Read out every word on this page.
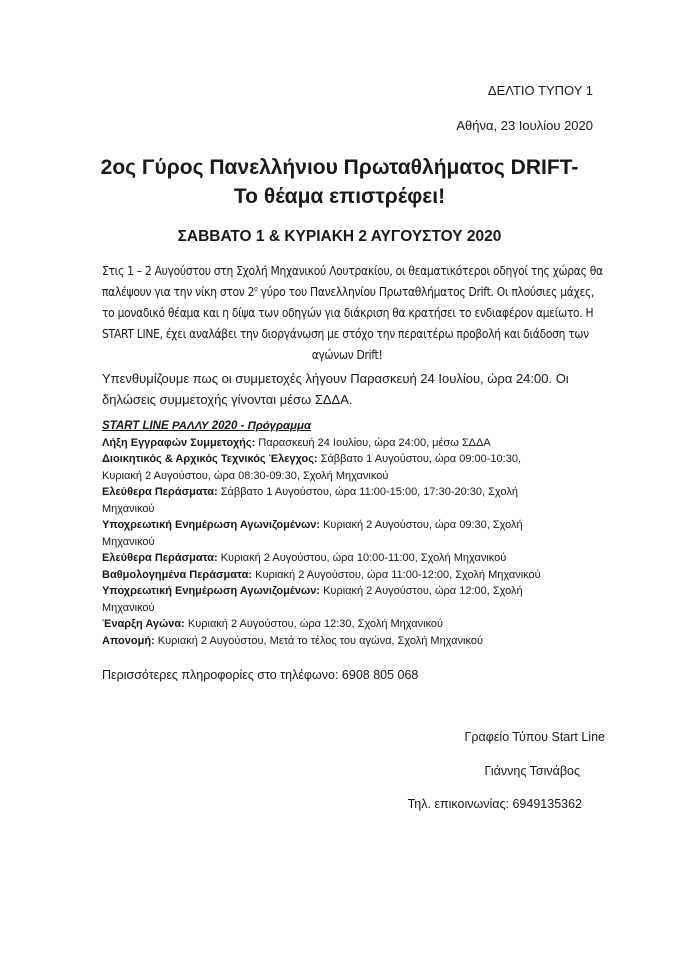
ΔΕΛΤΙΟ ΤΥΠΟΥ 1
Αθήνα, 23 Ιουλίου 2020
2ος Γύρος Πανελλήνιου Πρωταθλήματος DRIFT-
Το θέαμα επιστρέφει!
ΣΑΒΒΑΤΟ 1 & ΚΥΡΙΑΚΗ 2 ΑΥΓΟΥΣΤΟΥ 2020
Στις 1 – 2 Αυγούστου στη Σχολή Μηχανικού Λουτρακίου, οι θεαματικότεροι οδηγοί της χώρας θα
παλέψουν για την νίκη στον $2^o$ γύρο του Πανελληνίου Πρωταθλήματος Drift. Οι πλούσιες μάχες,
το μοναδικό θέαμα και η δίψα των οδηγών για διάκριση θα κρατήσει το ενδιαφέρον αμείωτο. Η
START LINE, έχει αναλάβει την διοργάνωση με στόχο την περαιτέρω προβολή και διάδοση των
αγώνων Drift!
Υπενθυμίζουμε πως οι συμμετοχές λήγουν Παρασκευή 24 Ιουλίου, ώρα 24:00. Οι
δηλώσεις συμμετοχής γίνονται μέσω ΣΔΔΑ.
START LINE ΡΑΛΛΥ 2020 - Πρόγραμμα
Λήξη Εγγραφών Συμμετοχής: Παρασκευή 24 Ιουλίου, ώρα 24:00, μέσω ΣΔΔΑ
Διοικητικός & Αρχικός Τεχνικός Έλεγχος: Σάββατο 1 Αυγούστου, ώρα 09:00-10:30,
Κυριακή 2 Αυγούστου, ώρα 08:30-09:30, Σχολή Μηχανικού
Ελεύθερα Περάσματα: Σάββατο 1 Αυγούστου, ώρα 11:00-15:00, 17:30-20:30, Σχολή
Μηχανικού
Υποχρεωτική Ενημέρωση Αγωνιζομένων: Κυριακή 2 Αυγούστου, ώρα 09:30, Σχολή
Μηχανικού
Ελεύθερα Περάσματα: Κυριακή 2 Αυγούστου, ώρα 10:00-11:00, Σχολή Μηχανικού
Βαθμολογημένα Περάσματα: Κυριακή 2 Αυγούστου, ώρα 11:00-12:00, Σχολή Μηχανικού
Υποχρεωτική Ενημέρωση Αγωνιζομένων: Κυριακή 2 Αυγούστου, ώρα 12:00, Σχολή
Μηχανικού
Έναρξη Αγώνα: Κυριακή 2 Αυγούστου, ώρα 12:30, Σχολή Μηχανικού
Απονομή: Κυριακή 2 Αυγούστου, Μετά το τέλος του αγώνα, Σχολή Μηχανικού
Περισσότερες πληροφορίες στο τηλέφωνο: 6908 805 068
Γραφείο Τύπου Start Line
Γιάννης Τσινάβος
Τηλ. επικοινωνίας: 6949135362
